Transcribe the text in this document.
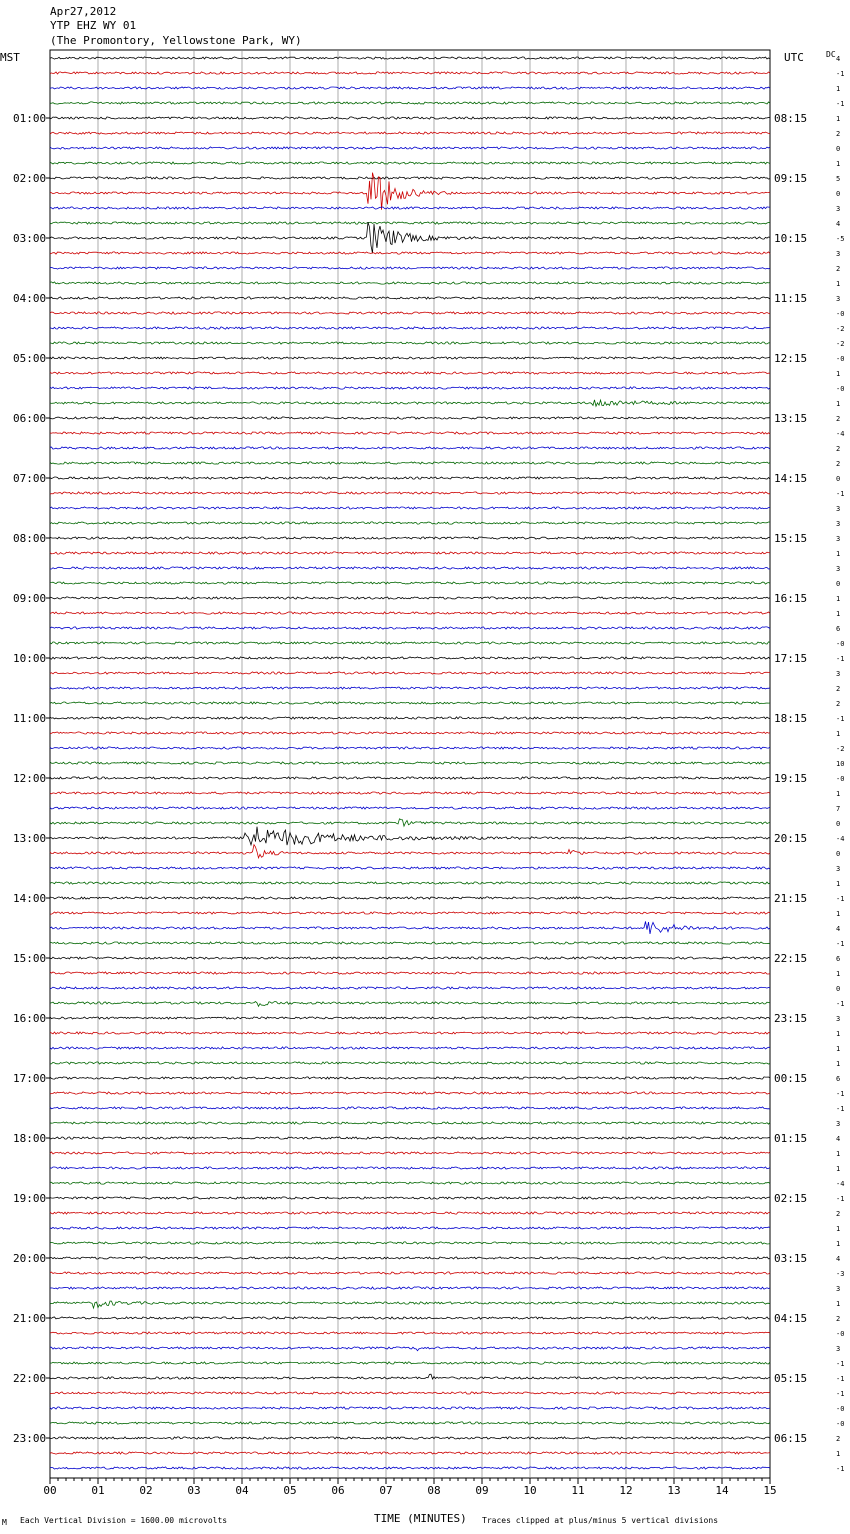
Apr27,2012
YTP EHZ WY 01
(The Promontory, Yellowstone Park, WY)
MST	UTC	DC
M Each Vertical Division = 1600.00 microvolts	TIME (MINUTES) Traces clipped at plus/minus 5 vertical divisions
4
-1
1
-1
1
2
0
1
5
0
3
4
-5
3
2
1
3
-0
-2
-2
-0
1
-0
1
2
-4
2
2
0
-1
3
3
3
1
3
0
1
1
6
-0
-1
3
2
2
-1
1
-2
10
-0
1
7
0
-4
0
3
1
-1
1
4
-1
6
1
0
-1
3
1
1
1
6
-1
-1
3
4
1
1
-4
-1
2
1
1
4
-3
3
1
2
-0
3
-1
-1
-1
-0
-0
2
1
-1
01:00
02:00
03:00
04:00
05:00
06:00
07:00
08:00
09:00
10:00
11:00
12:00
13:00
14:00
15:00
16:00
17:00
18:00
19:00
20:00
21:00
22:00
23:00
08:15
09:15
10:15
11:15
12:15
13:15
14:15
15:15
16:15
17:15
18:15
19:15
20:15
21:15
22:15
23:15
00:15
01:15
02:15
03:15
04:15
05:15
06:15
00	01	02	03	04	05	06	07	08	09	10	11	12	13	14	15
